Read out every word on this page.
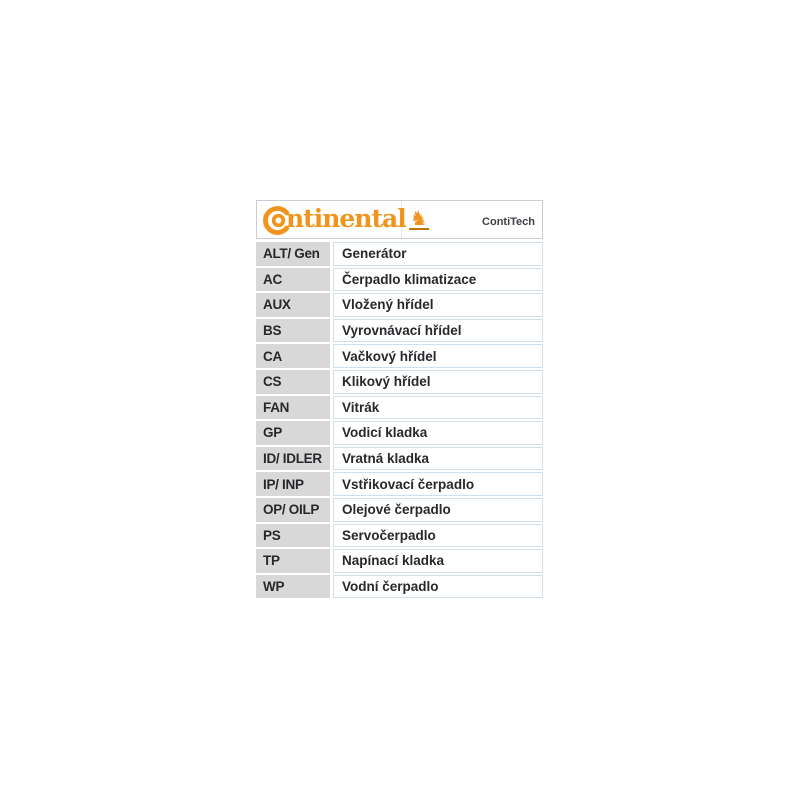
ntinental ♞	ContiTech
ALT/ Gen	Generátor
AC	Čerpadlo klimatizace
AUX	Vložený hřídel
BS	Vyrovnávací hřídel
CA	Vačkový hřídel
CS	Klikový hřídel
FAN	Vitrák
GP	Vodicí kladka
ID/ IDLER	Vratná kladka
IP/ INP	Vstřikovací čerpadlo
OP/ OILP	Olejové čerpadlo
PS	Servočerpadlo
TP	Napínací kladka
WP	Vodní čerpadlo
